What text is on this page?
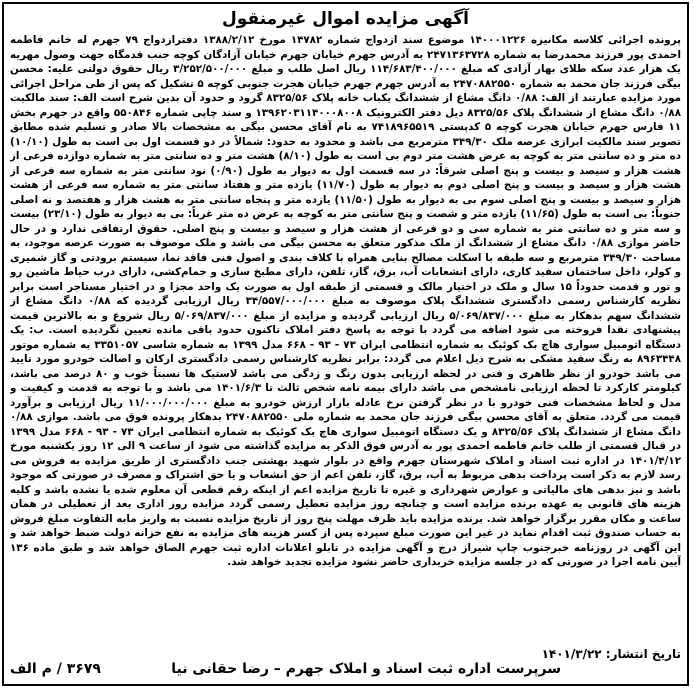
آگهی مزایده اموال غیرمنقول
پرونده اجرائی کلاسه مکانیزه ۱۴۰۰۰۱۲۲۶ موضوع سند ازدواج شماره ۱۴۷۸۲ مورخ ۱۳۸۸/۲/۱۲ دفترازدواج ۷۹ جهرم له خانم فاطمه احمدی پور فرزند محمدرضا به شماره ۲۴۷۱۳۶۳۷۲۸ به آدرس جهرم خیابان جهرم خیابان آزادگان کوچه جنب قدمگاه جهت وصول مهریه یک هزار عدد سکه طلای بهار آزادی که مبلغ ۱۱۴/۶۸۳/۴۰۰/۰۰۰ ریال اصل طلب و مبلغ ۳/۲۵۲/۵۰۰/۰۰۰ ریال حقوق دولتی علیه: محسن بیگی فرزند جان محمد به شماره ۲۴۷۰۸۸۲۵۵۰ به آدرس جهرم جهرم خیابان هجرت جنوبی کوچه ۵ تشکیل که پس از طی مراحل اجرائی مورد مزایده عبارتند از الف: ۰/۸۸ دانگ مشاع از ششدانگ یکباب خانه پلاک ۸۳۲۵/۵۶ گرود و حدود آن بدین شرح است الف: سند مالکیت ۰/۸۸ دانگ مشاع از ششدانگ پلاک ۸۳۲۵/۵۶ ذیل دفتر الکترونیک ۱۳۹۶۲۰۳۱۱۴۰۰۰۸۰۰۸ و سند چاپی شماره ۵۵۰۸۴۶ واقع در جهرم بخش ۱۱ فارس جهرم خیابان هجرت کوچه ۵ کدپستی ۷۴۱۸۹۶۵۵۱۹ به نام آقای محسن بیگی به مشخصات بالا صادر و تسلیم شده مطابق تصویر سند مالکیت ابرازی عرصه ملک ۳۴۹/۳۰ مترمربع می باشد و محدود به حدود: شمالاً در دو قسمت اول بی است به طول (۱۰/۱۰) ده متر و ده سانتی متر به کوچه به عرض هشت متر دوم بی است به طول (۸/۱۰) هشت متر و ده سانتی متر به شماره دوازده فرعی از هشت هزار و سیصد و بیست و پنج اصلی شرقاً: در سه قسمت اول به دیوار به طول (۰/۹۰) نود سانتی متر به شماره سه فرعی از هشت هزار و سیصد و بیست و پنج اصلی دوم به دیوار به طول (۱۱/۷۰) یازده متر و هفتاد سانتی متر به شماره سه فرعی از هشت هزار و سیصد و بیست و پنج اصلی سوم بی به دیوار به طول (۱۱/۵۰) یازده متر و پنجاه سانتی متر به هشت هزار و هفتصد و نه اصلی جنوباً: بی است به طول (۱۱/۶۵) یازده متر و شصت و پنج سانتی متر به کوچه به عرض ده متر غرباً: بی به دیوار به طول (۲۳/۱۰) بیست و سه متر و ده سانتی متر به شماره سی و دو فرعی از هشت هزار و سیصد و بیست و پنج اصلی. حقوق ارتفاقی ندارد و در حال حاضر موازی ۰/۸۸ دانگ مشاع از ششدانگ از ملک مذکور متعلق به محسن بیگی می باشد و ملک موصوف به صورت عرصه موجود، به مساحت ۳۴۹/۳۰ مترمربع و سه طبقه با اسکلت مصالح بنایی همراه با کلاف بندی و اصول فنی فاقد نما، سیستم برودتی و گاز شمیری و کولر، داخل ساختمان سفید کاری، دارای انشعابات آب، برق، گاز، تلفن، دارای مطبخ سازی و حمام‌کشی، دارای درب حیاط ماشین رو و تور و قدمت حدوداً ۱۵ سال و ملک در اختیار مالک و قسمتی از طبقه اول به صورت یک واحد مجزا و در اختیار مستاجر است برابر نظریه کارشناس رسمی دادگستری ششدانگ پلاک موصوف به مبلغ ۳۴/۵۵۷/۰۰۰/۰۰۰ ریال ارزیابی گردیده که ۰/۸۸ دانگ مشاع از ششدانگ سهم بدهکار به مبلغ ۵/۰۶۹/۸۳۷/۰۰۰ ریال ارزیابی گردیده و مزایده از مبلغ ۵/۰۶۹/۸۳۷/۰۰۰ ریال شروع و به بالاترین قیمت پیشنهادی نقدا فروخته می شود اضافه می گردد با توجه به پاسخ دفتر املاک تاکنون حدود باقی مانده تعیین نگردیده است. ب: یک دستگاه اتومبیل سواری هاچ بک کوئیک به شماره انتظامی ایران ۷۳ - ۹۳ - ۶۶۸ مدل ۱۳۹۹ به شماره شاسی ۳۳۵۱۰۵۷ به شماره موتور ۸۹۶۳۴۴۸ به رنگ سفید مشکی به شرح ذیل اعلام می گردد: برابر نظریه کارشناس رسمی دادگستری ارکان و اصالت خودرو مورد تایید می باشد خودرو از نظر ظاهری و فنی در لحظه ارزیابی بدون رنگ و زدگی می باشد لاستیک ها نسبتاً خوب و ۸۰ درصد می باشد، کیلومتر کارکرد تا لحظه ارزیابی نامشخص می باشد دارای بیمه نامه شخص ثالث تا ۱۴۰۱/۶/۳ می باشد و با توجه به قدمت و کیفیت و مدل و لحاظ مشخصات فنی خودرو با در نظر گرفتن نرخ عادله بازار ارزش خودرو به مبلغ ۱۱/۰۰۰/۰۰۰/۰۰۰ ریال ارزیابی و برآورد قیمت می گردد. متعلق به آقای محسن بیگی فرزند جان محمد به شماره ملی ۲۴۷۰۸۸۲۵۵۰ بدهکار پرونده فوق می باشد. موازی ۰/۸۸ دانگ مشاع از ششدانگ پلاک ۸۳۲۵/۵۶ و یک دستگاه اتومبیل سواری هاچ بک کوئیک به شماره انتظامی ایران ۷۳ - ۹۳ - ۶۶۸ مدل ۱۳۹۹ در قبال قسمتی از طلب خانم فاطمه احمدی پور به آدرس فوق الذکر به مزایده گذاشته می شود از ساعت ۹ الی ۱۲ روز یکشنبه مورخ ۱۴۰۱/۴/۱۲ در اداره ثبت اسناد و املاک شهرستان جهرم واقع در بلوار شهید بهشتی جنب دادگستری از طریق مزایده به فروش می رسد لازم به ذکر است پرداخت بدهی مربوط به آب، برق، گاز، تلفن اعم از حق انشعاب و یا حق اشتراک و مصرف در صورتی که موجود باشد و نیز بدهی های مالیاتی و عوارض شهرداری و غیره تا تاریخ مزایده اعم از اینکه رقم قطعی آن معلوم شده یا نشده باشد و کلیه هزینه های قانونی به عهده برنده مزایده است و چنانچه روز مزایده تعطیل رسمی گردد مزایده روز اداری بعد از تعطیلی در همان ساعت و مکان مقرر برگزار خواهد شد. برنده مزایده باید ظرف مهلت پنج روز از تاریخ مزایده نسبت به واریز مابه التفاوت مبلغ فروش به حساب صندوق ثبت اقدام نماید در غیر این صورت مبلغ سپرده پس از کسر هزینه های مزایده به نفع خزانه دولت ضبط خواهد شد و این آگهی در روزنامه خبرجنوب چاپ شیراز درج و آگهی مزایده در تابلو اعلانات اداره ثبت جهرم الصاق خواهد شد و طبق ماده ۱۳۶ آیین نامه اجرا در صورتی که در جلسه مزایده خریداری حاضر نشود مزایده تجدید خواهد شد.
تاریخ انتشار: ۱۴۰۱/۳/۲۲
سرپرست اداره ثبت اسناد و املاک جهرم – رضا حقانی نیا
۳۶۷۹ / م الف
